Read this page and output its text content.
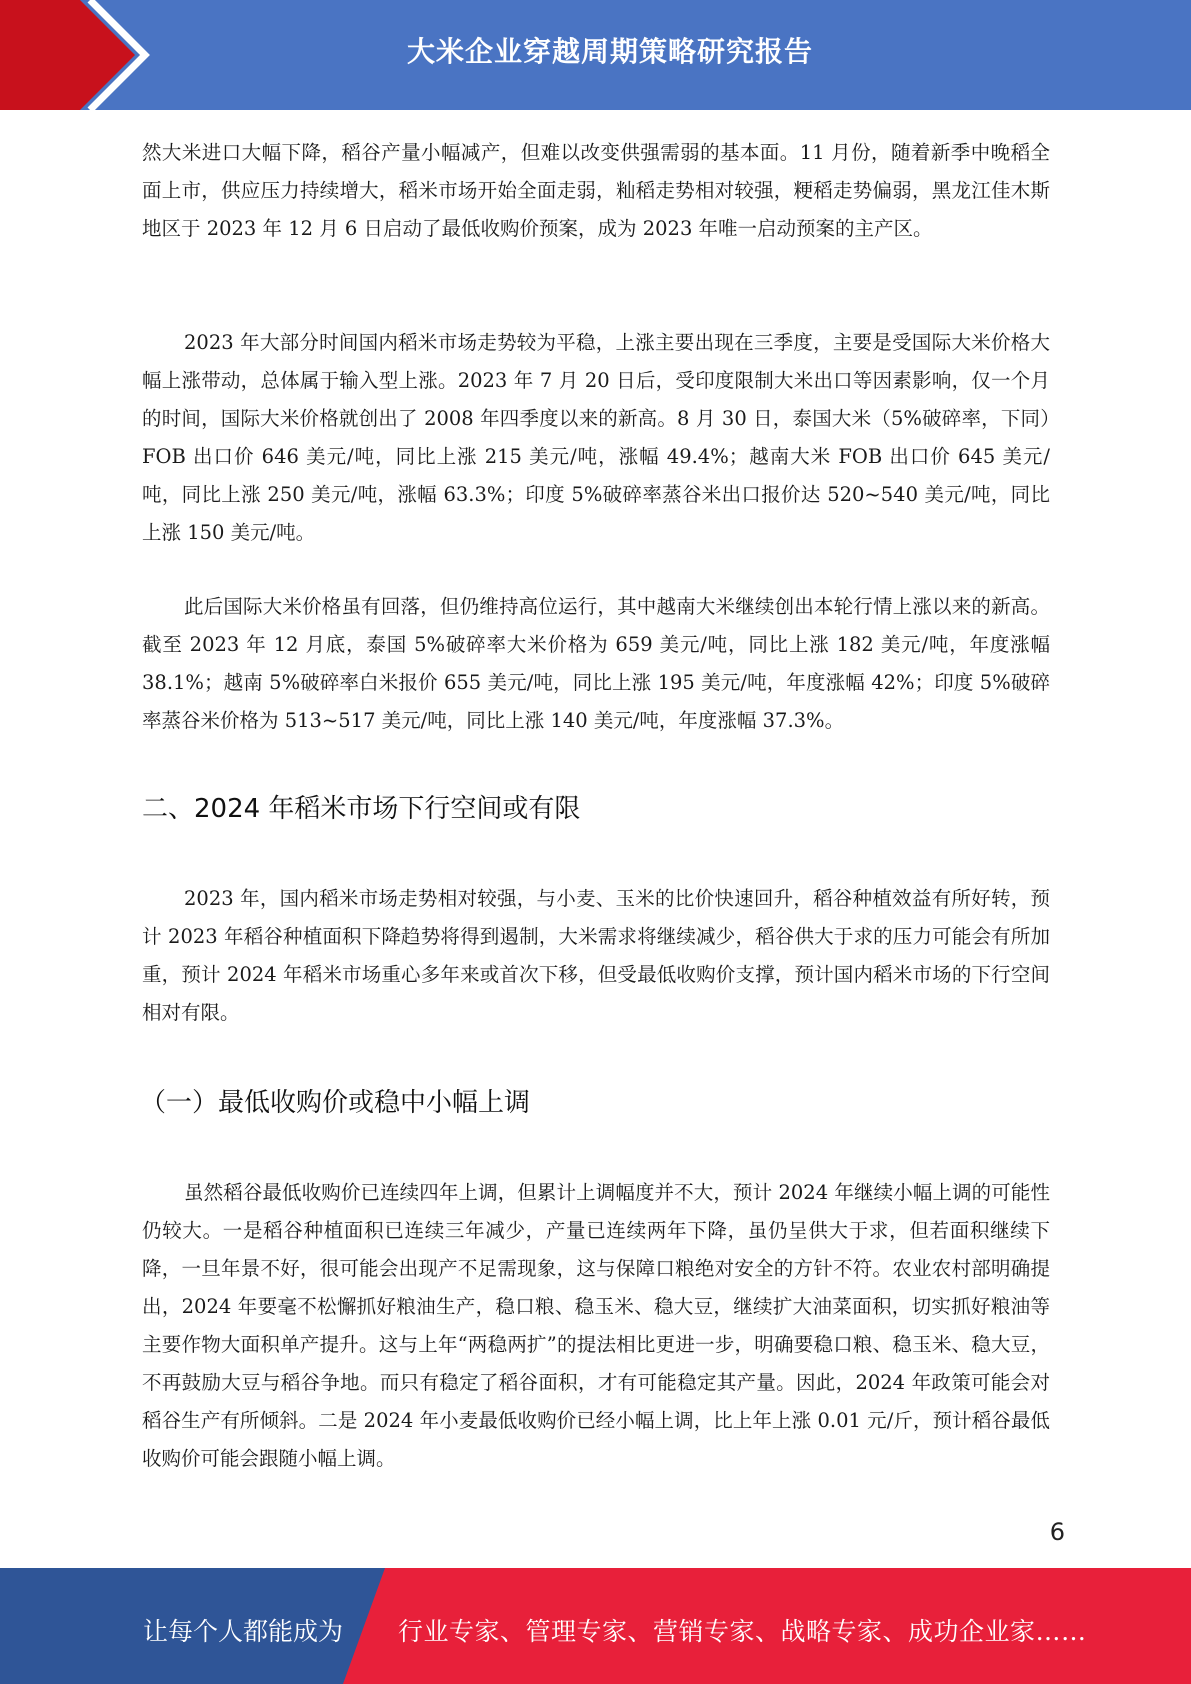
大米企业穿越周期策略研究报告

然大米进口大幅下降，稻谷产量小幅减产，但难以改变供强需弱的基本面。11 月份，随着新季中晚稻全面上市，供应压力持续增大，稻米市场开始全面走弱，籼稻走势相对较强，粳稻走势偏弱，黑龙江佳木斯地区于 2023 年 12 月 6 日启动了最低收购价预案，成为 2023 年唯一启动预案的主产区。

2023 年大部分时间国内稻米市场走势较为平稳，上涨主要出现在三季度，主要是受国际大米价格大幅上涨带动，总体属于输入型上涨。2023 年 7 月 20 日后，受印度限制大米出口等因素影响，仅一个月的时间，国际大米价格就创出了 2008 年四季度以来的新高。8 月 30 日，泰国大米（5%破碎率，下同）FOB 出口价 646 美元/吨，同比上涨 215 美元/吨，涨幅 49.4%；越南大米 FOB 出口价 645 美元/吨，同比上涨 250 美元/吨，涨幅 63.3%；印度 5%破碎率蒸谷米出口报价达 520~540 美元/吨，同比上涨 150 美元/吨。

此后国际大米价格虽有回落，但仍维持高位运行，其中越南大米继续创出本轮行情上涨以来的新高。截至 2023 年 12 月底，泰国 5%破碎率大米价格为 659 美元/吨，同比上涨 182 美元/吨，年度涨幅 38.1%；越南 5%破碎率白米报价 655 美元/吨，同比上涨 195 美元/吨，年度涨幅 42%；印度 5%破碎率蒸谷米价格为 513~517 美元/吨，同比上涨 140 美元/吨，年度涨幅 37.3%。

二、2024 年稻米市场下行空间或有限

2023 年，国内稻米市场走势相对较强，与小麦、玉米的比价快速回升，稻谷种植效益有所好转，预计 2023 年稻谷种植面积下降趋势将得到遏制，大米需求将继续减少，稻谷供大于求的压力可能会有所加重，预计 2024 年稻米市场重心多年来或首次下移，但受最低收购价支撑，预计国内稻米市场的下行空间相对有限。

（一）最低收购价或稳中小幅上调

虽然稻谷最低收购价已连续四年上调，但累计上调幅度并不大，预计 2024 年继续小幅上调的可能性仍较大。一是稻谷种植面积已连续三年减少，产量已连续两年下降，虽仍呈供大于求，但若面积继续下降，一旦年景不好，很可能会出现产不足需现象，这与保障口粮绝对安全的方针不符。农业农村部明确提出，2024 年要毫不松懈抓好粮油生产，稳口粮、稳玉米、稳大豆，继续扩大油菜面积，切实抓好粮油等主要作物大面积单产提升。这与上年“两稳两扩”的提法相比更进一步，明确要稳口粮、稳玉米、稳大豆，不再鼓励大豆与稻谷争地。而只有稳定了稻谷面积，才有可能稳定其产量。因此，2024 年政策可能会对稻谷生产有所倾斜。二是 2024 年小麦最低收购价已经小幅上调，比上年上涨 0.01 元/斤，预计稻谷最低收购价可能会跟随小幅上调。

6
让每个人都能成为 行业专家、管理专家、营销专家、战略专家、成功企业家……
